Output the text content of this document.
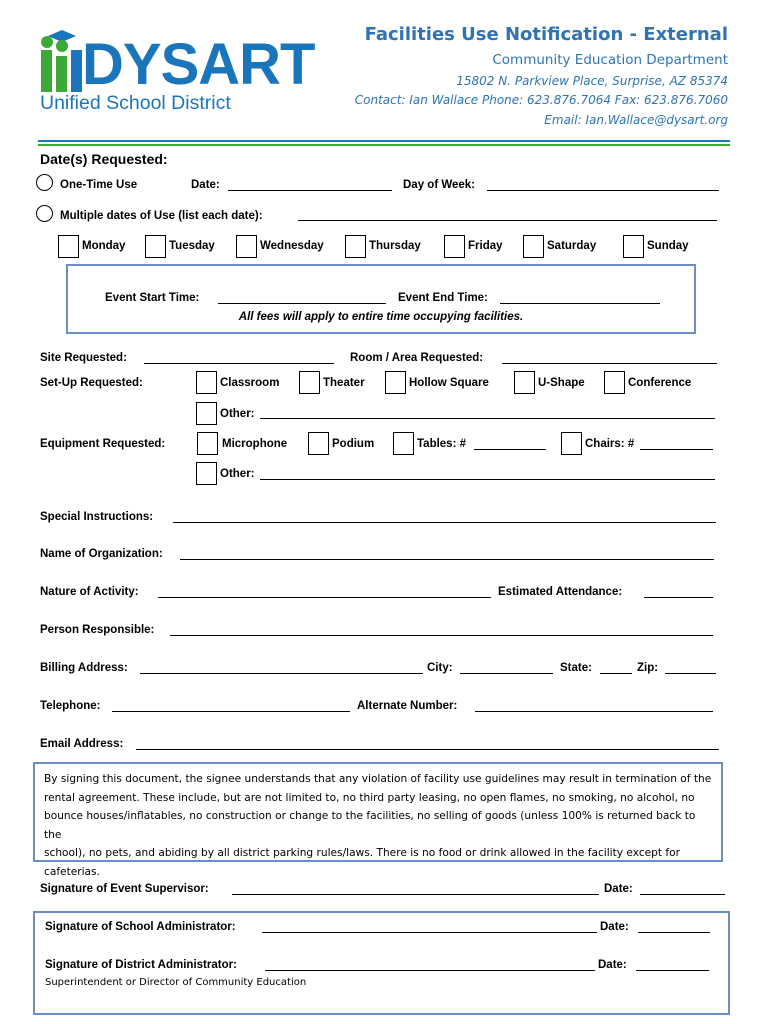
DYSART
Unified School District
Facilities Use Notification - External
Community Education Department
15802 N. Parkview Place, Surprise, AZ 85374
Contact: Ian Wallace Phone: 623.876.7064 Fax: 623.876.7060
Email: Ian.Wallace@dysart.org
Date(s) Requested:
One-Time Use	Date:	Day of Week:
Multiple dates of Use (list each date):
Monday	Tuesday	Wednesday	Thursday	Friday	Saturday	Sunday
Event Start Time:	Event End Time:
All fees will apply to entire time occupying facilities.
Site Requested:	Room / Area Requested:
Set-Up Requested:	Classroom	Theater	Hollow Square	U-Shape	Conference
Other:
Equipment Requested:	Microphone	Podium	Tables: #	Chairs: #
Other:
Special Instructions:
Name of Organization:
Nature of Activity:	Estimated Attendance:
Person Responsible:
Billing Address:	City:	State:	Zip:
Telephone:	Alternate Number:
Email Address:
By signing this document, the signee understands that any violation of facility use guidelines may result in termination of the
rental agreement. These include, but are not limited to, no third party leasing, no open flames, no smoking, no alcohol, no
bounce houses/inflatables, no construction or change to the facilities, no selling of goods (unless 100% is returned back to the
school), no pets, and abiding by all district parking rules/laws. There is no food or drink allowed in the facility except for
cafeterias.
Signature of Event Supervisor:	Date:
Signature of School Administrator:	Date:
Signature of District Administrator:	Date:
Superintendent or Director of Community Education
